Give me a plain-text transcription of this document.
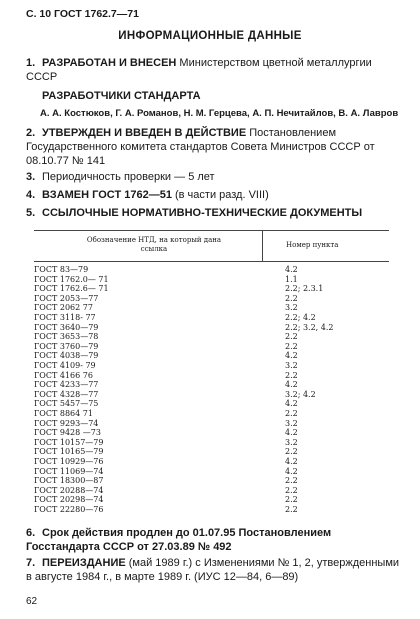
С. 10 ГОСТ 1762.7—71
ИНФОРМАЦИОННЫЕ ДАННЫЕ
1. РАЗРАБОТАН И ВНЕСЕН Министерством цветной металлургии СССР
РАЗРАБОТЧИКИ СТАНДАРТА
А. А. Костюков, Г. А. Романов, Н. М. Герцева, А. П. Нечитайлов, В. А. Лавров
2. УТВЕРЖДЕН И ВВЕДЕН В ДЕЙСТВИЕ Постановлением Государственного комитета стандартов Совета Министров СССР от 08.10.77 № 141
3. Периодичность проверки — 5 лет
4. ВЗАМЕН ГОСТ 1762—51 (в части разд. VIII)
5. ССЫЛОЧНЫЕ НОРМАТИВНО-ТЕХНИЧЕСКИЕ ДОКУМЕНТЫ
Обозначение НТД, на который дана ссылка	Номер пункта
ГОСТ 83—79	4.2
ГОСТ 1762.0— 71	1.1
ГОСТ 1762.6— 71	2.2; 2.3.1
ГОСТ 2053—77	2.2
ГОСТ 2062 77	3.2
ГОСТ 3118- 77	2.2; 4.2
ГОСТ 3640—79	2.2; 3.2, 4.2
ГОСТ 3653—78	2.2
ГОСТ 3760—79	2.2
ГОСТ 4038—79	4.2
ГОСТ 4109- 79	3.2
ГОСТ 4166 76	2.2
ГОСТ 4233—77	4.2
ГОСТ 4328—77	3.2; 4.2
ГОСТ 5457—75	4.2
ГОСТ 8864 71	2.2
ГОСТ 9293—74	3.2
ГОСТ 9428 —73	4.2
ГОСТ 10157—79	3.2
ГОСТ 10165—79	2.2
ГОСТ 10929—76	4.2
ГОСТ 11069—74	4.2
ГОСТ 18300—87	2.2
ГОСТ 20288—74	2.2
ГОСТ 20298—74	2.2
ГОСТ 22280—76	2.2
6. Срок действия продлен до 01.07.95 Постановлением Госстандарта СССР от 27.03.89 № 492
7. ПЕРЕИЗДАНИЕ (май 1989 г.) с Изменениями № 1, 2, утвержденными в августе 1984 г., в марте 1989 г. (ИУС 12—84, 6—89)
62
